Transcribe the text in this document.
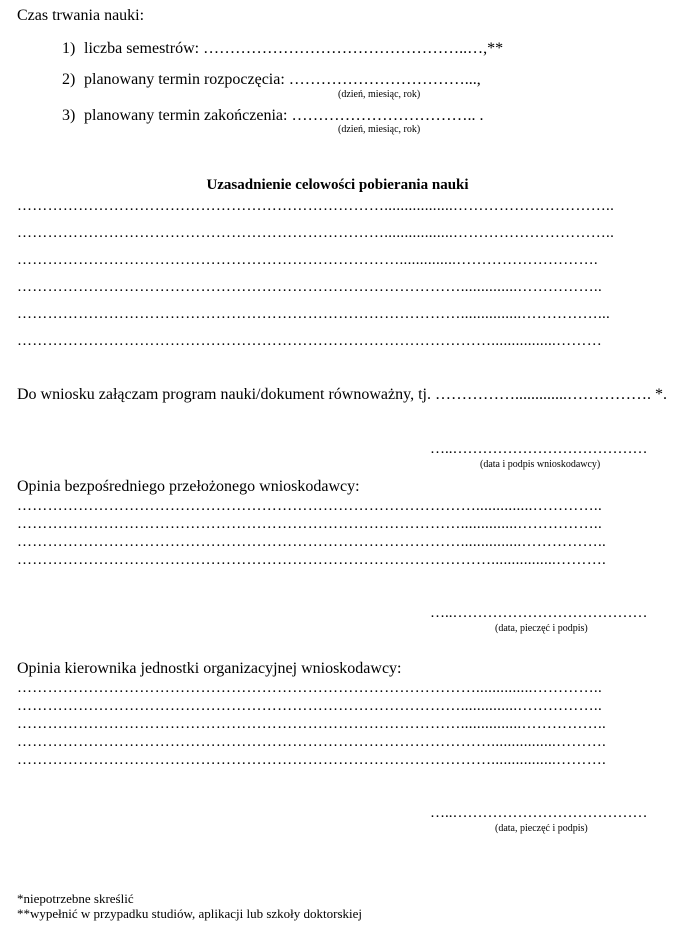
Czas trwania nauki:
1) liczba semestrów: …………………………………………..…,**
2) planowany termin rozpoczęcia: ……………………………...,
(dzień, miesiąc, rok)
3) planowany termin zakończenia: …………………………….. .
(dzień, miesiąc, rok)
Uzasadnienie celowości pobierania nauki
……………………………………………………………….................…………………………..
……………………………………………………………….................…………………………..
…………………………………………………………………..............……………………….
……………………………………………………………………………..............……………..
……………………………………………………………………………...............……………...
…………………………………………………………………………………................………
Do wniosku załączam program nauki/dokument równoważny, tj. …………….............……………. *.
…..…………………………………
(data i podpis wnioskodawcy)
Opinia bezpośredniego przełożonego wnioskodawcy:
………………………………………………………………………………..............…………..
……………………………………………………………………………..............……………..
……………………………………………………………………………...............……………..
…………………………………………………………………………………................……….
…..…………………………………
(data, pieczęć i podpis)
Opinia kierownika jednostki organizacyjnej wnioskodawcy:
………………………………………………………………………………..............…………..
……………………………………………………………………………..............……………..
……………………………………………………………………………...............……………..
…………………………………………………………………………………................……….
…………………………………………………………………………………................……….
…..…………………………………
(data, pieczęć i podpis)
*niepotrzebne skreślić
**wypełnić w przypadku studiów, aplikacji lub szkoły doktorskiej
